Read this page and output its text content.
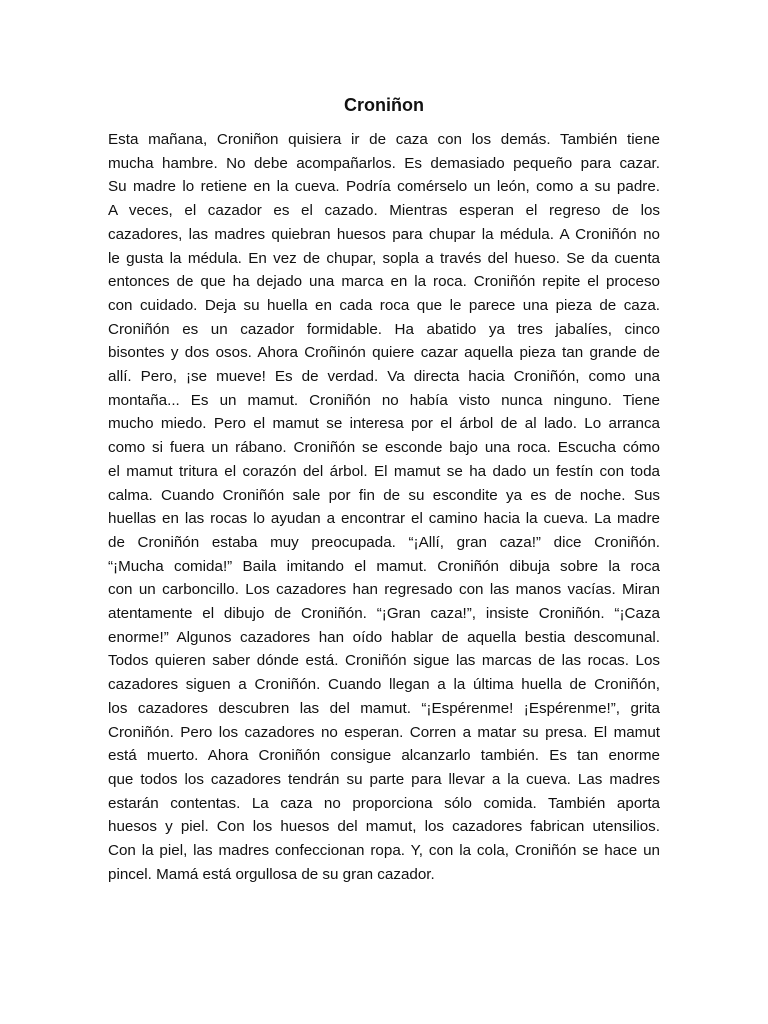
Croniñon
Esta mañana, Croniñon quisiera ir de caza con los demás. También tiene
mucha hambre. No debe acompañarlos. Es demasiado pequeño para cazar.
Su madre lo retiene en la cueva. Podría comérselo un león, como a su padre.
A veces, el cazador es el cazado. Mientras esperan el regreso de los
cazadores, las madres quiebran huesos para chupar la médula. A Croniñón no
le gusta la médula. En vez de chupar, sopla a través del hueso. Se da cuenta
entonces de que ha dejado una marca en la roca. Croniñón repite el proceso
con cuidado. Deja su huella en cada roca que le parece una pieza de caza.
Croniñón es un cazador formidable. Ha abatido ya tres jabalíes, cinco
bisontes y dos osos. Ahora Croñinón quiere cazar aquella pieza tan grande de
allí. Pero, ¡se mueve! Es de verdad. Va directa hacia Croniñón, como una
montaña... Es un mamut. Croniñón no había visto nunca ninguno. Tiene
mucho miedo. Pero el mamut se interesa por el árbol de al lado. Lo arranca
como si fuera un rábano. Croniñón se esconde bajo una roca. Escucha cómo
el mamut tritura el corazón del árbol. El mamut se ha dado un festín con toda
calma. Cuando Croniñón sale por fin de su escondite ya es de noche. Sus
huellas en las rocas lo ayudan a encontrar el camino hacia la cueva. La madre
de Croniñón estaba muy preocupada. “¡Allí, gran caza!” dice Croniñón.
“¡Mucha comida!” Baila imitando el mamut. Croniñón dibuja sobre la roca
con un carboncillo. Los cazadores han regresado con las manos vacías. Miran
atentamente el dibujo de Croniñón. “¡Gran caza!”, insiste Croniñón. “¡Caza
enorme!” Algunos cazadores han oído hablar de aquella bestia descomunal.
Todos quieren saber dónde está. Croniñón sigue las marcas de las rocas. Los
cazadores siguen a Croniñón. Cuando llegan a la última huella de Croniñón,
los cazadores descubren las del mamut. “¡Espérenme! ¡Espérenme!”, grita
Croniñón. Pero los cazadores no esperan. Corren a matar su presa. El mamut
está muerto. Ahora Croniñón consigue alcanzarlo también. Es tan enorme
que todos los cazadores tendrán su parte para llevar a la cueva. Las madres
estarán contentas. La caza no proporciona sólo comida. También aporta
huesos y piel. Con los huesos del mamut, los cazadores fabrican utensilios.
Con la piel, las madres confeccionan ropa. Y, con la cola, Croniñón se hace un
pincel. Mamá está orgullosa de su gran cazador.
